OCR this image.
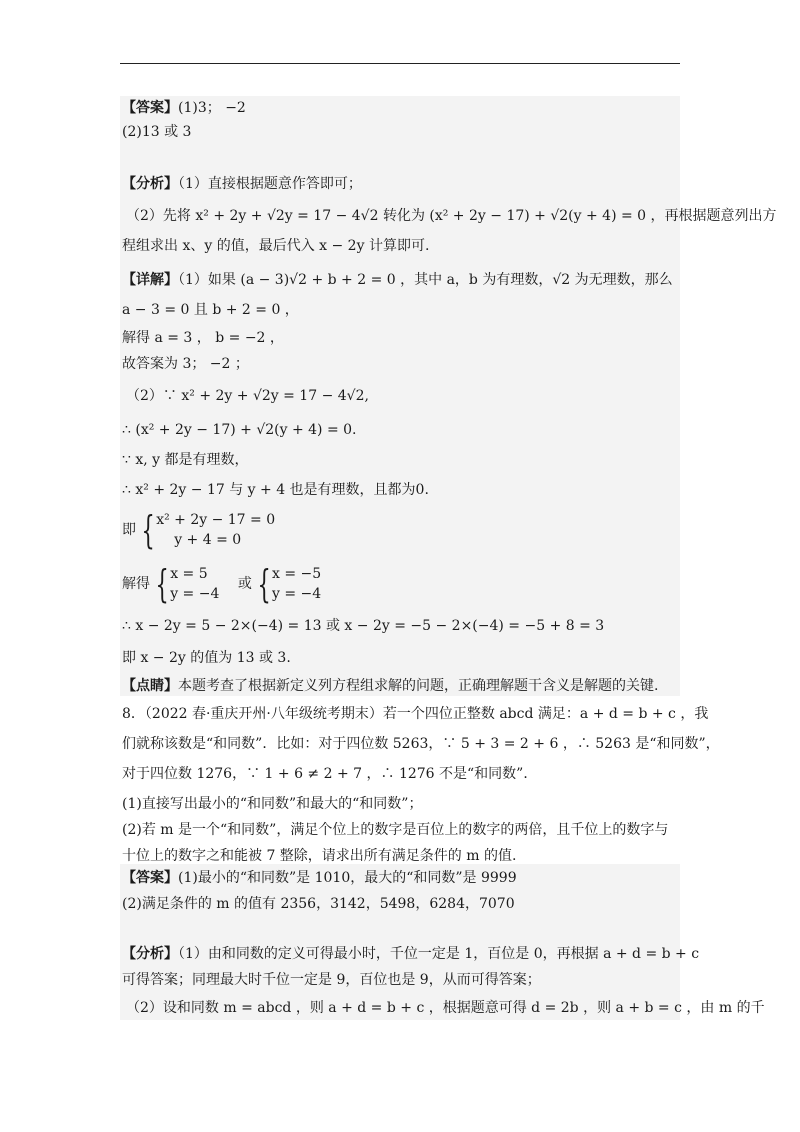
【答案】(1)3； −2
(2)13 或 3
【分析】（1）直接根据题意作答即可；
（2）先将 x² + 2y + √2y = 17 − 4√2 转化为 (x² + 2y − 17) + √2(y + 4) = 0 ，再根据题意列出方
程组求出 x、y 的值，最后代入 x − 2y 计算即可.
【详解】（1）如果 (a − 3)√2 + b + 2 = 0 ，其中 a，b 为有理数，√2 为无理数，那么
a − 3 = 0 且 b + 2 = 0 ，
解得 a = 3 ， b = −2 ，
故答案为 3； −2 ；
（2）∵ x² + 2y + √2y = 17 − 4√2,
∴ (x² + 2y − 17) + √2(y + 4) = 0.
∵ x, y 都是有理数，
∴ x² + 2y − 17 与 y + 4 也是有理数，且都为0.
即 { x² + 2y − 17 = 0
y + 4 = 0
解得 { x = 5
y = −4
或 { x = −5
y = −4
∴ x − 2y = 5 − 2×(−4) = 13 或 x − 2y = −5 − 2×(−4) = −5 + 8 = 3
即 x − 2y 的值为 13 或 3.
【点睛】本题考查了根据新定义列方程组求解的问题，正确理解题干含义是解题的关键.
8．（2022 春·重庆开州·八年级统考期末）若一个四位正整数 abcd 满足：a + d = b + c ，我
们就称该数是“和同数”．比如：对于四位数 5263，∵ 5 + 3 = 2 + 6 ，∴ 5263 是“和同数”，
对于四位数 1276，∵ 1 + 6 ≠ 2 + 7 ，∴ 1276 不是“和同数”．
(1)直接写出最小的“和同数”和最大的“和同数”；
(2)若 m 是一个“和同数”，满足个位上的数字是百位上的数字的两倍，且千位上的数字与
十位上的数字之和能被 7 整除，请求出所有满足条件的 m 的值.
【答案】(1)最小的“和同数”是 1010，最大的“和同数”是 9999
(2)满足条件的 m 的值有 2356，3142，5498，6284，7070
【分析】（1）由和同数的定义可得最小时，千位一定是 1，百位是 0，再根据 a + d = b + c
可得答案；同理最大时千位一定是 9，百位也是 9，从而可得答案；
（2）设和同数 m = abcd ，则 a + d = b + c ，根据题意可得 d = 2b ，则 a + b = c ，由 m 的千
